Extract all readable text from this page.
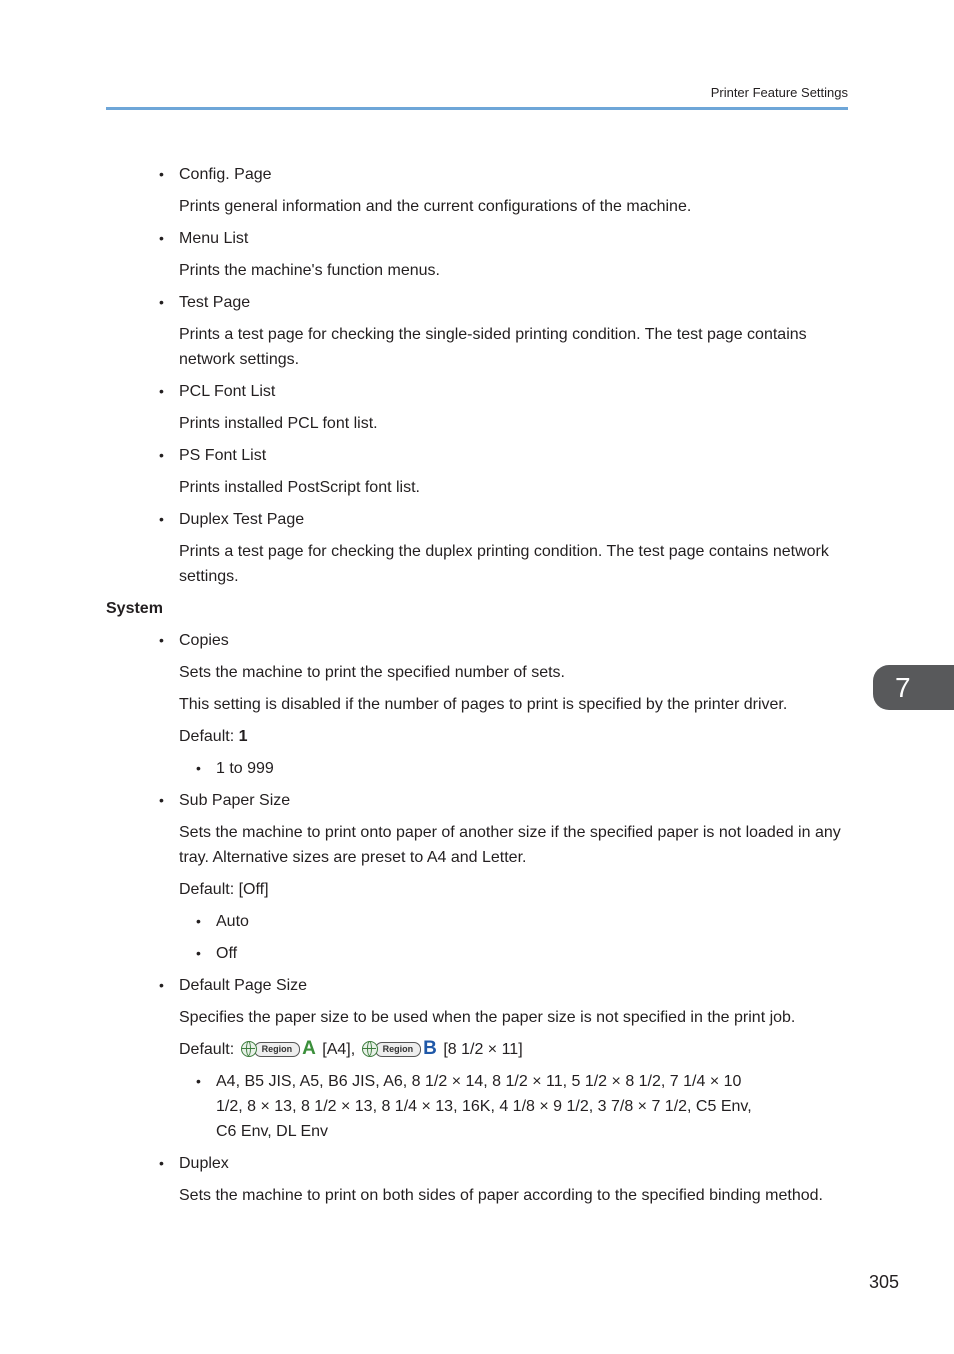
Printer Feature Settings
• Config. Page
Prints general information and the current configurations of the machine.
• Menu List
Prints the machine's function menus.
• Test Page
Prints a test page for checking the single-sided printing condition. The test page contains
network settings.
• PCL Font List
Prints installed PCL font list.
• PS Font List
Prints installed PostScript font list.
• Duplex Test Page
Prints a test page for checking the duplex printing condition. The test page contains network
settings.
System
• Copies
Sets the machine to print the specified number of sets.
This setting is disabled if the number of pages to print is specified by the printer driver.
Default: 1
• 1 to 999
• Sub Paper Size
Sets the machine to print onto paper of another size if the specified paper is not loaded in any
tray. Alternative sizes are preset to A4 and Letter.
Default: [Off]
• Auto
• Off
• Default Page Size
Specifies the paper size to be used when the paper size is not specified in the print job.
Default:	Region A [A4],	Region B [8 1/2 × 11]
• A4, B5 JIS, A5, B6 JIS, A6, 8 1/2 × 14, 8 1/2 × 11, 5 1/2 × 8 1/2, 7 1/4 × 10
1/2, 8 × 13, 8 1/2 × 13, 8 1/4 × 13, 16K, 4 1/8 × 9 1/2, 3 7/8 × 7 1/2, C5 Env,
C6 Env, DL Env
• Duplex
Sets the machine to print on both sides of paper according to the specified binding method.
7
305
